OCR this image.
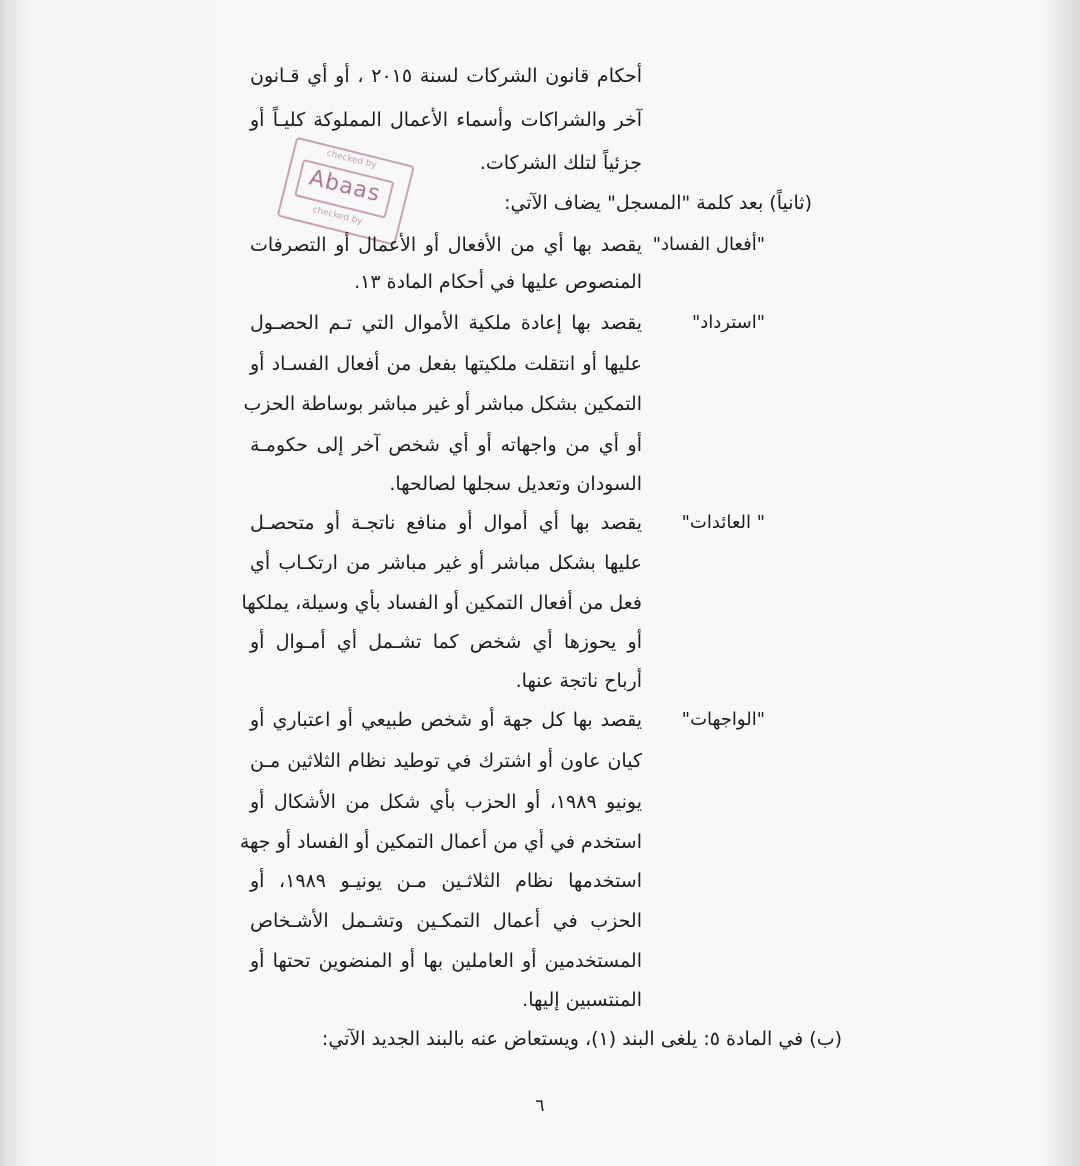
أحكام قانون الشركات لسنة ٢٠١٥ ، أو أي قـانون
آخر والشراكات وأسماء الأعمال المملوكة كليـاً أو
جزئياً لتلك الشركات.
checked by
Abaas
checked by
(ثانياً) بعد كلمة "المسجل" يضاف الآتي:
"أفعال الفساد"
يقصد بها أي من الأفعال أو الأعمال أو التصرفات
المنصوص عليها في أحكام المادة ١٣.
"استرداد"
يقصد بها إعادة ملكية الأموال التي تـم الحصـول
عليها أو انتقلت ملكيتها بفعل من أفعال الفسـاد أو
التمكين بشكل مباشر أو غير مباشر بوساطة الحزب
أو أي من واجهاته أو أي شخص آخر إلى حكومـة
السودان وتعديل سجلها لصالحها.
" العائدات"
يقصد بها أي أموال أو منافع ناتجـة أو متحصـل
عليها بشكل مباشر أو غير مباشر من ارتكـاب أي
فعل من أفعال التمكين أو الفساد بأي وسيلة، يملكها
أو يحوزها أي شخص كما تشـمل أي أمـوال أو
أرباح ناتجة عنها.
"الواجهات"
يقصد بها كل جهة أو شخص طبيعي أو اعتباري أو
كيان عاون أو اشترك في توطيد نظام الثلاثين مـن
يونيو ١٩٨٩، أو الحزب بأي شكل من الأشكال أو
استخدم في أي من أعمال التمكين أو الفساد أو جهة
استخدمها نظام الثلاثـين مـن يونيـو ١٩٨٩، أو
الحزب في أعمال التمكـين وتشـمل الأشـخاص
المستخدمين أو العاملين بها أو المنضوين تحتها أو
المنتسبين إليها.
(ب) في المادة ٥: يلغى البند (١)، ويستعاض عنه بالبند الجديد الآتي:
٦
